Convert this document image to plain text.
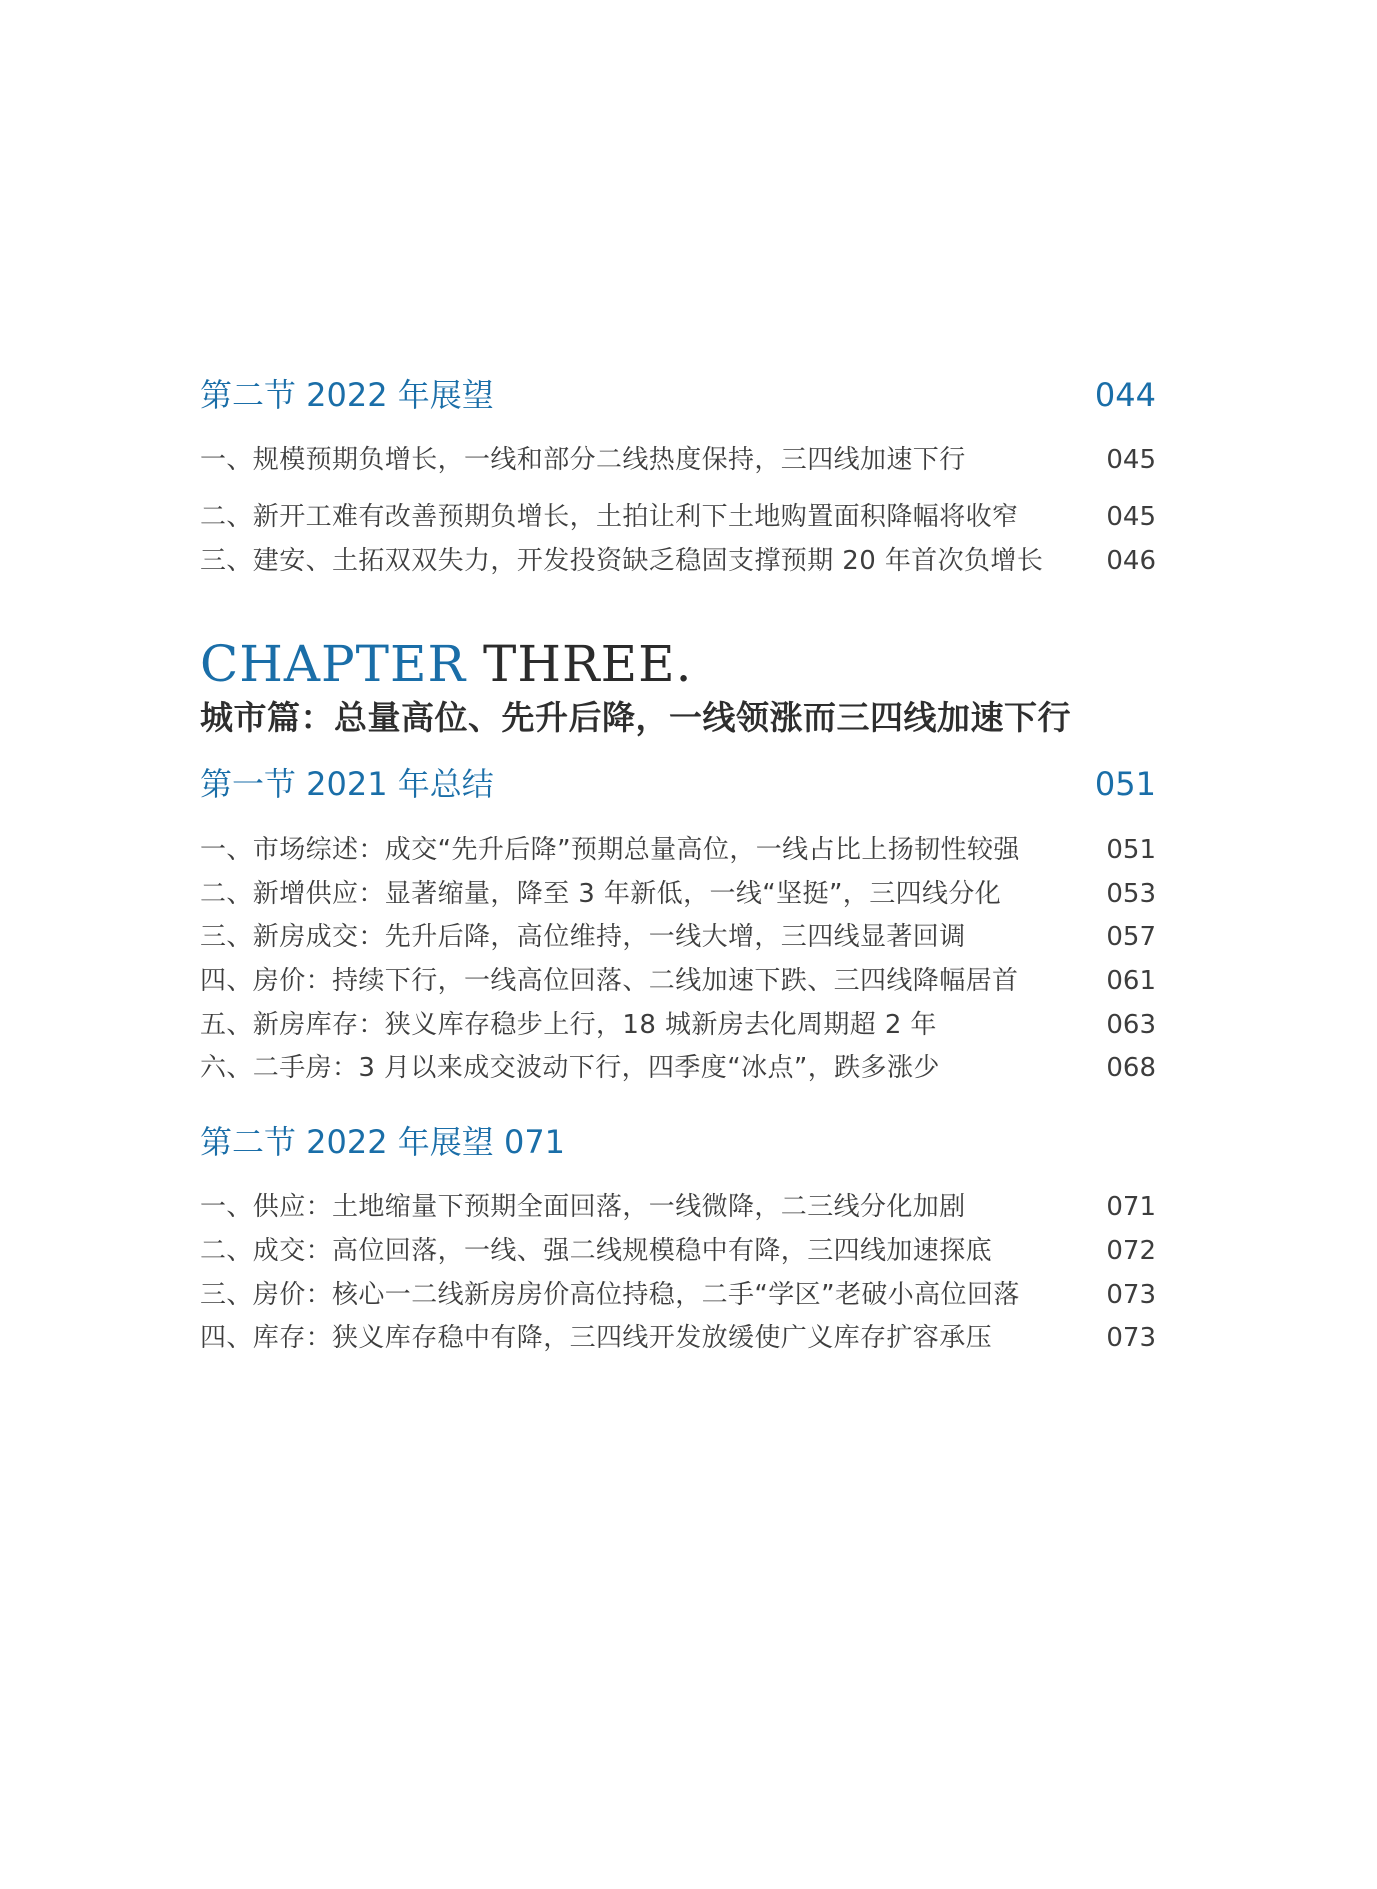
第二节 2022 年展望	044
一、规模预期负增长，一线和部分二线热度保持，三四线加速下行	045
二、新开工难有改善预期负增长，土拍让利下土地购置面积降幅将收窄	045
三、建安、土拓双双失力，开发投资缺乏稳固支撑预期 20 年首次负增长 046
CHAPTER THREE.
城市篇：总量高位、先升后降，一线领涨而三四线加速下行
第一节 2021 年总结	051
一、市场综述：成交“先升后降”预期总量高位，一线占比上扬韧性较强	051
二、新增供应：显著缩量，降至 3 年新低，一线“坚挺”，三四线分化	053
三、新房成交：先升后降，高位维持，一线大增，三四线显著回调	057
四、房价：持续下行，一线高位回落、二线加速下跌、三四线降幅居首	061
五、新房库存：狭义库存稳步上行，18 城新房去化周期超 2 年	063
六、二手房：3 月以来成交波动下行，四季度“冰点”，跌多涨少	068
第二节 2022 年展望 071
一、供应：土地缩量下预期全面回落，一线微降，二三线分化加剧	071
二、成交：高位回落，一线、强二线规模稳中有降，三四线加速探底	072
三、房价：核心一二线新房房价高位持稳，二手“学区”老破小高位回落	073
四、库存：狭义库存稳中有降，三四线开发放缓使广义库存扩容承压	073
